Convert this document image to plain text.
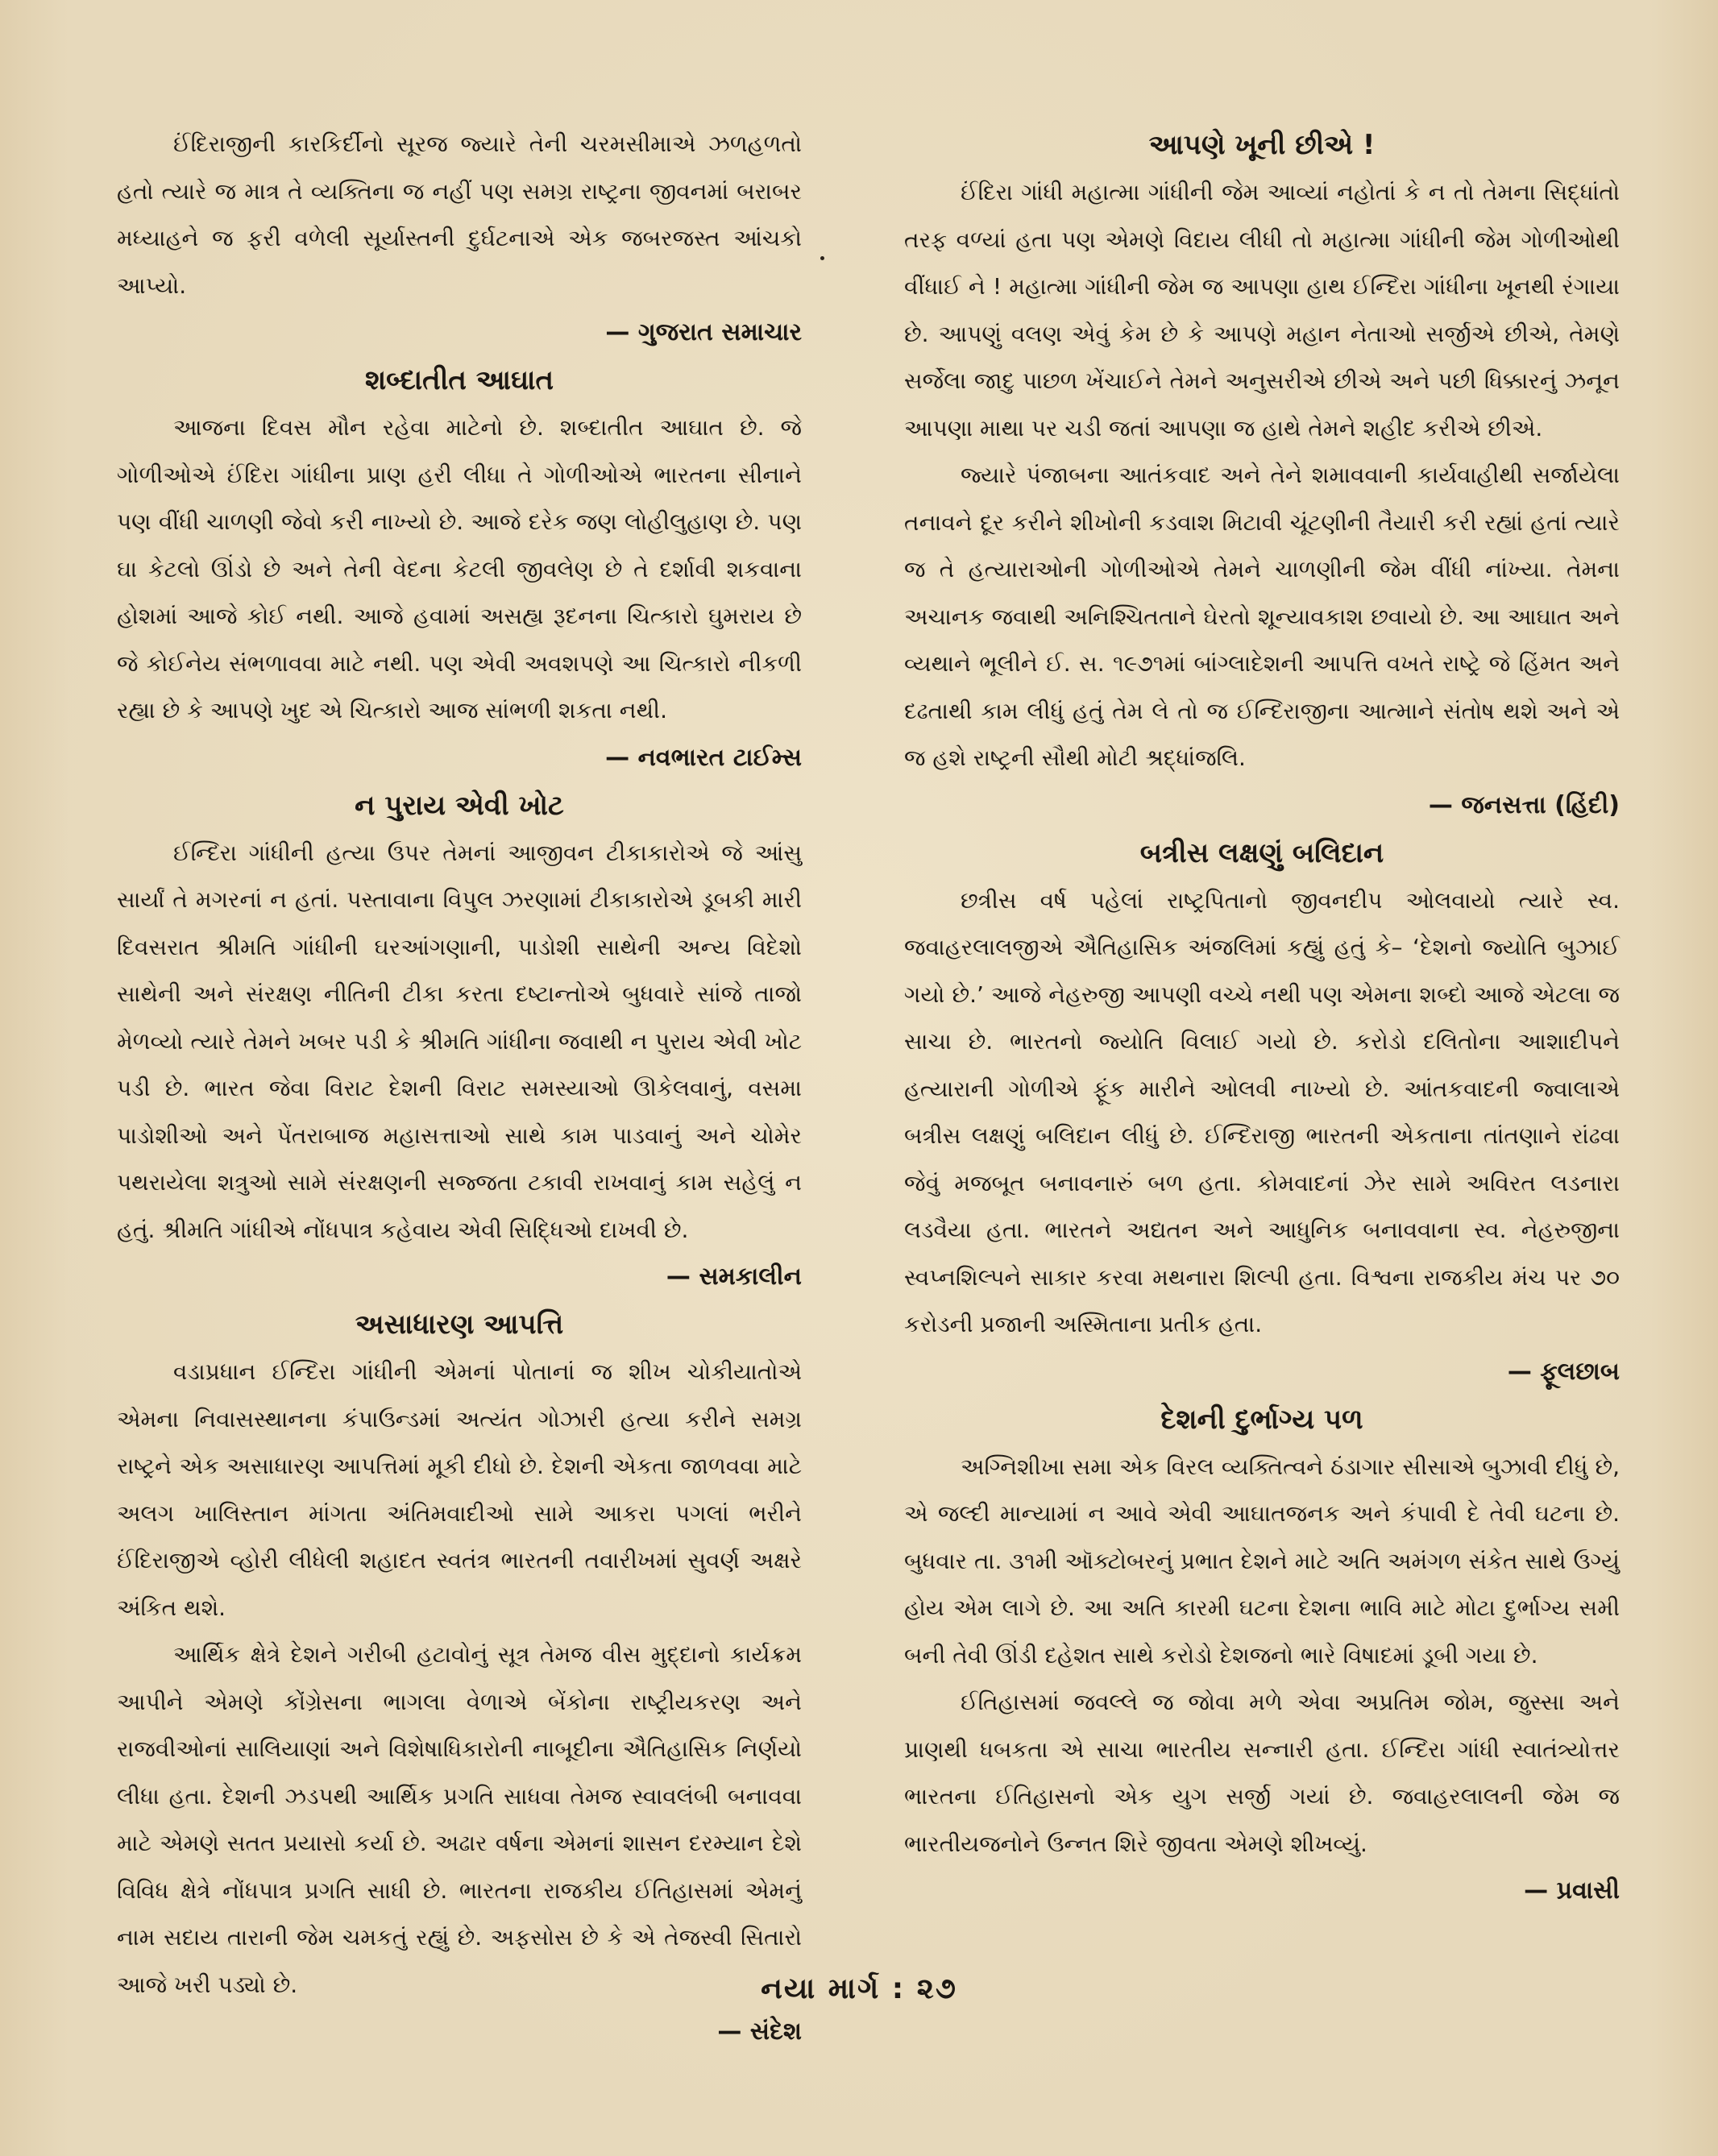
ઈંદિરાજીની કારકિર્દીનો સૂરજ જ્યારે તેની ચરમસીમાએ ઝળહળતો હતો ત્યારે જ માત્ર તે વ્યક્તિના જ નહીં પણ સમગ્ર રાષ્ટ્રના જીવનમાં બરાબર મધ્યાહને જ ફરી વળેલી સૂર્યાસ્તની દુર્ઘટનાએ એક જબરજસ્ત આંચકો આપ્યો.

— ગુજરાત સમાચાર

શબ્દાતીત આઘાત

આજના દિવસ મૌન રહેવા માટેનો છે. શબ્દાતીત આઘાત છે. જે ગોળીઓએ ઈંદિરા ગાંધીના પ્રાણ હરી લીધા તે ગોળીઓએ ભારતના સીનાને પણ વીંધી ચાળણી જેવો કરી નાખ્યો છે. આજે દરેક જણ લોહીલુહાણ છે. પણ ઘા કેટલો ઊંડો છે અને તેની વેદના કેટલી જીવલેણ છે તે દર્શાવી શકવાના હોશમાં આજે કોઈ નથી. આજે હવામાં અસહ્ય રૂદનના ચિત્કારો ઘુમરાય છે જે કોઈનેય સંભળાવવા માટે નથી. પણ એવી અવશપણે આ ચિત્કારો નીકળી રહ્યા છે કે આપણે ખુદ એ ચિત્કારો આજ સાંભળી શકતા નથી.

— નવભારત ટાઈમ્સ

ન પુરાય એવી ખોટ

ઈન્દિરા ગાંધીની હત્યા ઉપર તેમનાં આજીવન ટીકાકારોએ જે આંસુ સાર્યાં તે મગરનાં ન હતાં. પસ્તાવાના વિપુલ ઝરણામાં ટીકાકારોએ ડૂબકી મારી દિવસરાત શ્રીમતિ ગાંધીની ઘરઆંગણાની, પાડોશી સાથેની અન્ય વિદેશો સાથેની અને સંરક્ષણ નીતિની ટીકા કરતા દષ્ટાન્તોએ બુધવારે સાંજે તાજો મેળવ્યો ત્યારે તેમને ખબર પડી કે શ્રીમતિ ગાંધીના જવાથી ન પુરાય એવી ખોટ પડી છે. ભારત જેવા વિરાટ દેશની વિરાટ સમસ્યાઓ ઊકેલવાનું, વસમા પાડોશીઓ અને પેંતરાબાજ મહાસત્તાઓ સાથે કામ પાડવાનું અને ચોમેર પથરાયેલા શત્રુઓ સામે સંરક્ષણની સજ્જતા ટકાવી રાખવાનું કામ સહેલું ન હતું. શ્રીમતિ ગાંધીએ નોંધપાત્ર કહેવાય એવી સિદ્ધિઓ દાખવી છે.

— સમકાલીન

અસાધારણ આપત્તિ

વડાપ્રધાન ઈન્દિરા ગાંધીની એમનાં પોતાનાં જ શીખ ચોકીયાતોએ એમના નિવાસસ્થાનના કંપાઉન્ડમાં અત્યંત ગોઝારી હત્યા કરીને સમગ્ર રાષ્ટ્રને એક અસાધારણ આપત્તિમાં મૂકી દીધો છે. દેશની એકતા જાળવવા માટે અલગ ખાલિસ્તાન માંગતા અંતિમવાદીઓ સામે આકરા પગલાં ભરીને ઈંદિરાજીએ વ્હોરી લીધેલી શહાદત સ્વતંત્ર ભારતની તવારીખમાં સુવર્ણ અક્ષરે અંકિત થશે.

આર્થિક ક્ષેત્રે દેશને ગરીબી હટાવોનું સૂત્ર તેમજ વીસ મુદ્દાનો કાર્યક્રમ આપીને એમણે કોંગ્રેસના ભાગલા વેળાએ બેંકોના રાષ્ટ્રીયકરણ અને રાજવીઓનાં સાલિયાણાં અને વિશેષાધિકારોની નાબૂદીના ઐતિહાસિક નિર્ણયો લીધા હતા. દેશની ઝડપથી આર્થિક પ્રગતિ સાધવા તેમજ સ્વાવલંબી બનાવવા માટે એમણે સતત પ્રયાસો કર્યા છે. અઢાર વર્ષના એમનાં શાસન દરમ્યાન દેશે વિવિધ ક્ષેત્રે નોંધપાત્ર પ્રગતિ સાધી છે. ભારતના રાજકીય ઈતિહાસમાં એમનું નામ સદાય તારાની જેમ ચમકતું રહ્યું છે. અફસોસ છે કે એ તેજસ્વી સિતારો આજે ખરી પડ્યો છે.

— સંદેશ

આપણે ખૂની છીએ !

ઈંદિરા ગાંધી મહાત્મા ગાંધીની જેમ આવ્યાં નહોતાં કે ન તો તેમના સિદ્ધાંતો તરફ વળ્યાં હતા પણ એમણે વિદાય લીધી તો મહાત્મા ગાંધીની જેમ ગોળીઓથી વીંધાઈ ને ! મહાત્મા ગાંધીની જેમ જ આપણા હાથ ઈન્દિરા ગાંધીના ખૂનથી રંગાયા છે. આપણું વલણ એવું કેમ છે કે આપણે મહાન નેતાઓ સર્જીએ છીએ, તેમણે સર્જેલા જાદુ પાછળ ખેંચાઈને તેમને અનુસરીએ છીએ અને પછી ધિક્કારનું ઝનૂન આપણા માથા પર ચડી જતાં આપણા જ હાથે તેમને શહીદ કરીએ છીએ.

જ્યારે પંજાબના આતંકવાદ અને તેને શમાવવાની કાર્યવાહીથી સર્જાયેલા તનાવને દૂર કરીને શીખોની કડવાશ મિટાવી ચૂંટણીની તૈયારી કરી રહ્યાં હતાં ત્યારે જ તે હત્યારાઓની ગોળીઓએ તેમને ચાળણીની જેમ વીંધી નાંખ્યા. તેમના અચાનક જવાથી અનિશ્ચિતતાને ઘેરતો શૂન્યાવકાશ છવાયો છે. આ આઘાત અને વ્યથાને ભૂલીને ઈ. સ. ૧૯૭૧માં બાંગ્લાદેશની આપત્તિ વખતે રાષ્ટ્રે જે હિંમત અને દઢતાથી કામ લીધું હતું તેમ લે તો જ ઈન્દિરાજીના આત્માને સંતોષ થશે અને એ જ હશે રાષ્ટ્રની સૌથી મોટી શ્રદ્ધાંજલિ.

— જનસત્તા (હિંદી)

બત્રીસ લક્ષણું બલિદાન

છત્રીસ વર્ષ પહેલાં રાષ્ટ્રપિતાનો જીવનદીપ ઓલવાયો ત્યારે સ્વ. જવાહરલાલજીએ ઐતિહાસિક અંજલિમાં કહ્યું હતું કે– ‘દેશનો જ્યોતિ બુઝાઈ ગયો છે.’ આજે નેહરુજી આપણી વચ્ચે નથી પણ એમના શબ્દો આજે એટલા જ સાચા છે. ભારતનો જ્યોતિ વિલાઈ ગયો છે. કરોડો દલિતોના આશાદીપને હત્યારાની ગોળીએ ફૂંક મારીને ઓલવી નાખ્યો છે. આંતકવાદની જ્વાલાએ બત્રીસ લક્ષણું બલિદાન લીધું છે. ઈન્દિરાજી ભારતની એકતાના તાંતણાને રાંઢવા જેવું મજબૂત બનાવનારું બળ હતા. કોમવાદનાં ઝેર સામે અવિરત લડનારા લડવૈયા હતા. ભારતને અદ્યતન અને આધુનિક બનાવવાના સ્વ. નેહરુજીના સ્વપ્નશિલ્પને સાકાર કરવા મથનારા શિલ્પી હતા. વિશ્વના રાજકીય મંચ પર ૭૦ કરોડની પ્રજાની અસ્મિતાના પ્રતીક હતા.

— ફૂલછાબ

દેશની દુર્ભાગ્ય પળ

અગ્નિશીખા સમા એક વિરલ વ્યક્તિત્વને ઠંડાગાર સીસાએ બુઝાવી દીધું છે, એ જલ્દી માન્યામાં ન આવે એવી આઘાતજનક અને કંપાવી દે તેવી ઘટના છે. બુધવાર તા. ૩૧મી ઑક્ટોબરનું પ્રભાત દેશને માટે અતિ અમંગળ સંકેત સાથે ઉગ્યું હોય એમ લાગે છે. આ અતિ કારમી ઘટના દેશના ભાવિ માટે મોટા દુર્ભાગ્ય સમી બની તેવી ઊંડી દહેશત સાથે કરોડો દેશજનો ભારે વિષાદમાં ડૂબી ગયા છે.

ઈતિહાસમાં જવલ્લે જ જોવા મળે એવા અપ્રતિમ જોમ, જુસ્સા અને પ્રાણથી ધબકતા એ સાચા ભારતીય સન્નારી હતા. ઈન્દિરા ગાંધી સ્વાતંત્ર્યોત્તર ભારતના ઈતિહાસનો એક યુગ સર્જી ગયાં છે. જવાહરલાલની જેમ જ ભારતીયજનોને ઉન્નત શિરે જીવતા એમણે શીખવ્યું.

— પ્રવાસી

નયા માર્ગ : ૨૭
